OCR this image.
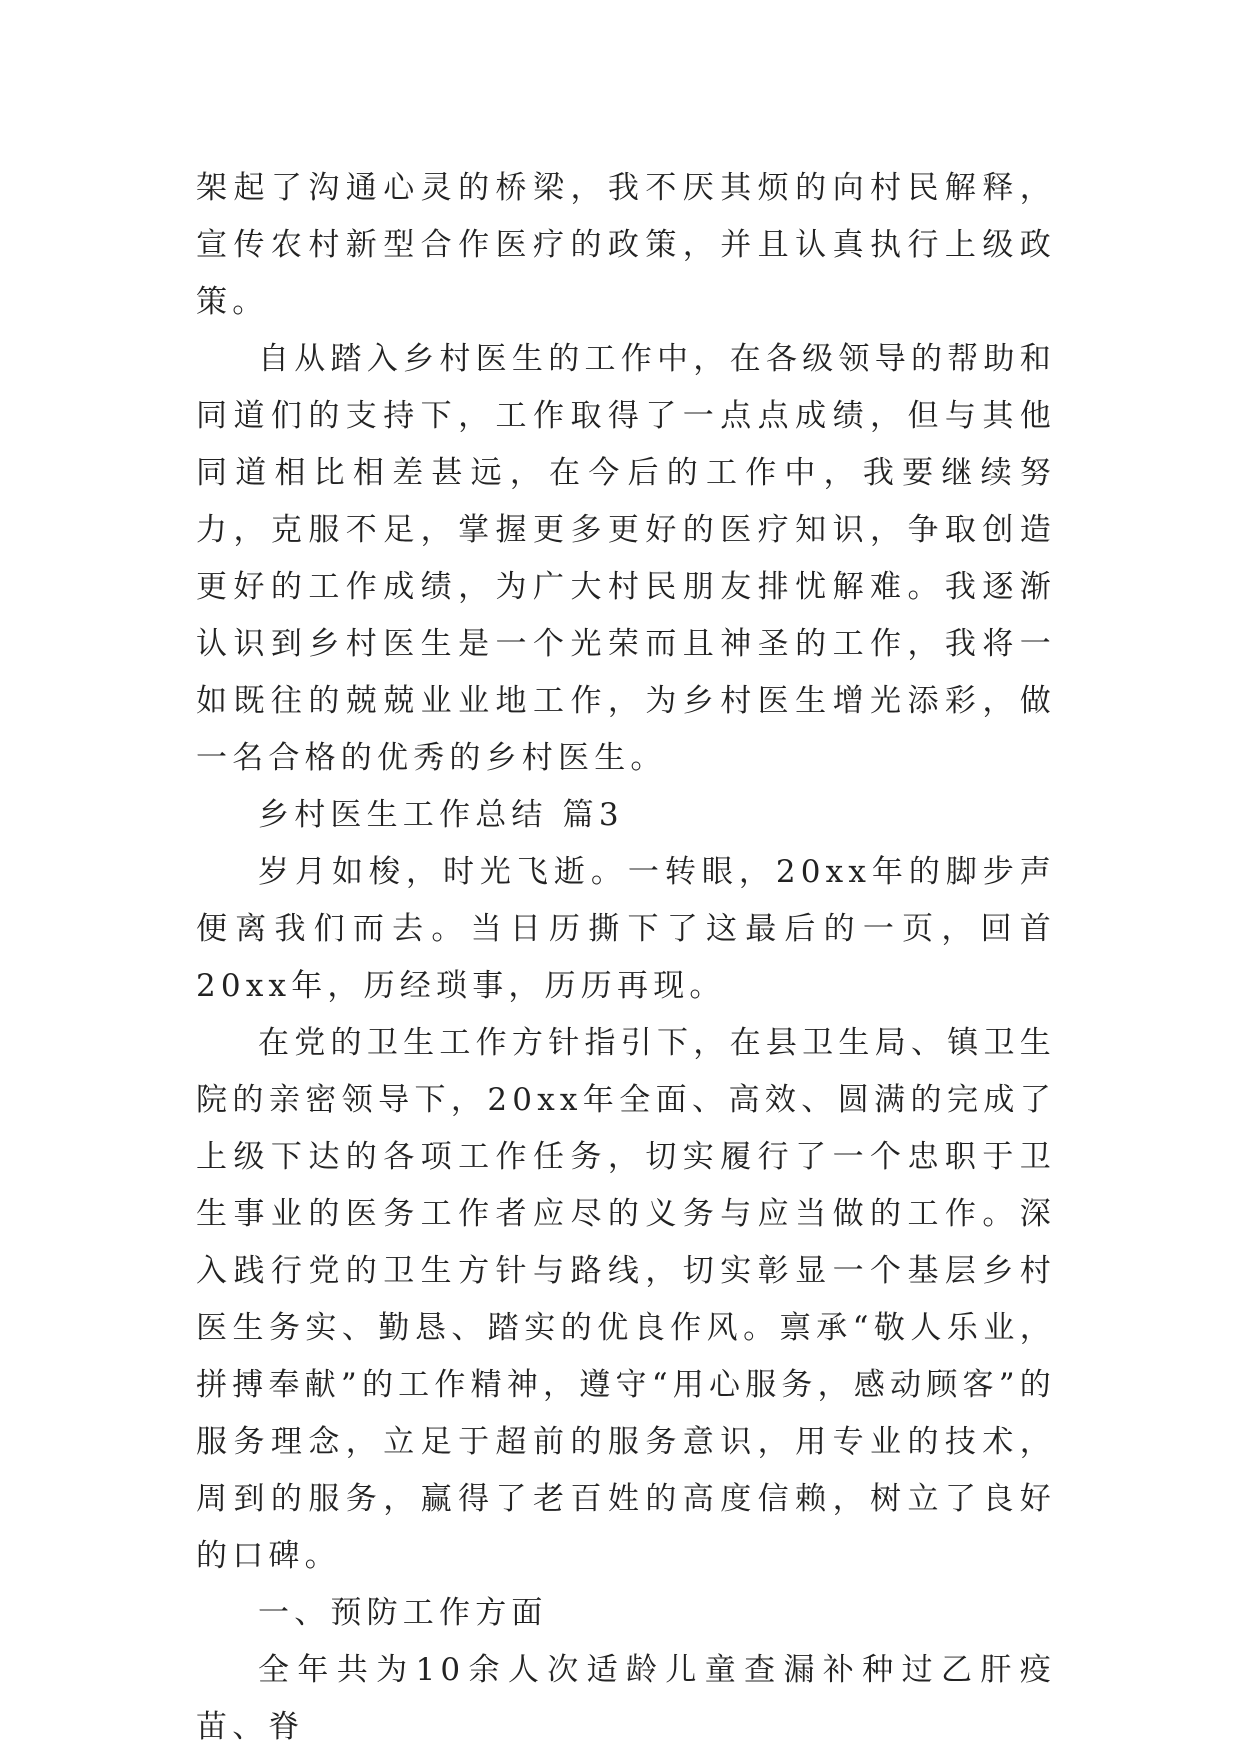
架起了沟通心灵的桥梁，我不厌其烦的向村民解释，宣传农村新型合作医疗的政策，并且认真执行上级政策。

自从踏入乡村医生的工作中，在各级领导的帮助和同道们的支持下，工作取得了一点点成绩，但与其他同道相比相差甚远，在今后的工作中，我要继续努力，克服不足，掌握更多更好的医疗知识，争取创造更好的工作成绩，为广大村民朋友排忧解难。我逐渐认识到乡村医生是一个光荣而且神圣的工作，我将一如既往的兢兢业业地工作，为乡村医生增光添彩，做一名合格的优秀的乡村医生。

乡村医生工作总结 篇3

岁月如梭，时光飞逝。一转眼，20xx年的脚步声便离我们而去。当日历撕下了这最后的一页，回首20xx年，历经琐事，历历再现。

在党的卫生工作方针指引下，在县卫生局、镇卫生院的亲密领导下，20xx年全面、高效、圆满的完成了上级下达的各项工作任务，切实履行了一个忠职于卫生事业的医务工作者应尽的义务与应当做的工作。深入践行党的卫生方针与路线，切实彰显一个基层乡村医生务实、勤恳、踏实的优良作风。禀承“敬人乐业，拼搏奉献”的工作精神，遵守“用心服务，感动顾客”的服务理念，立足于超前的服务意识，用专业的技术，周到的服务，赢得了老百姓的高度信赖，树立了良好的口碑。

一、预防工作方面

全年共为10余人次适龄儿童查漏补种过乙肝疫苗、脊
